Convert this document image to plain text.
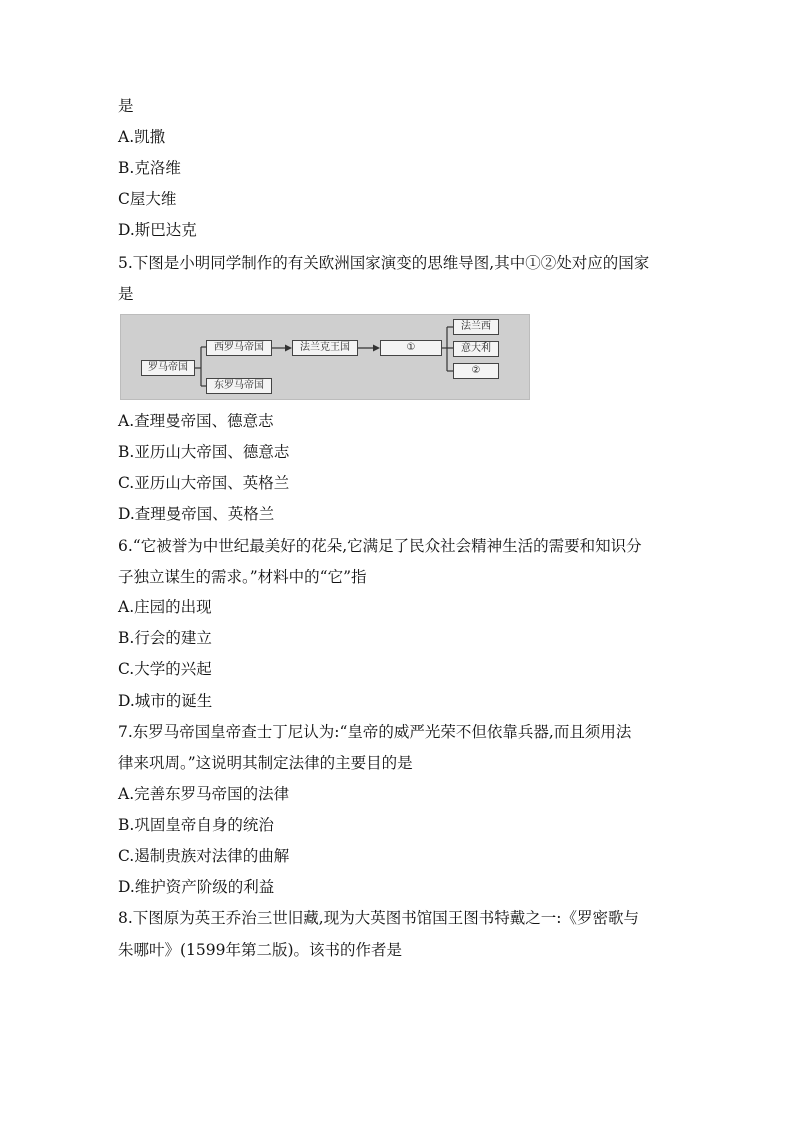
是
A.凯撒
B.克洛维
C屋大维
D.斯巴达克
5.下图是小明同学制作的有关欧洲国家演变的思维导图,其中①②处对应的国家
是
罗马帝国
西罗马帝国
东罗马帝国
法兰克王国	①
法兰西
意大利
②
A.查理曼帝国、德意志
B.亚历山大帝国、德意志
C.亚历山大帝国、英格兰
D.查理曼帝国、英格兰
6.“它被誉为中世纪最美好的花朵,它满足了民众社会精神生活的需要和知识分
子独立谋生的需求。”材料中的“它”指
A.庄园的出现
B.行会的建立
C.大学的兴起
D.城市的诞生
7.东罗马帝国皇帝查士丁尼认为:“皇帝的威严光荣不但依靠兵器,而且须用法
律来巩周。”这说明其制定法律的主要目的是
A.完善东罗马帝国的法律
B.巩固皇帝自身的统治
C.遏制贵族对法律的曲解
D.维护资产阶级的利益
8.下图原为英王乔治三世旧藏,现为大英图书馆国王图书特戴之一:《罗密歌与
朱哪叶》(1599年第二版)。该书的作者是
